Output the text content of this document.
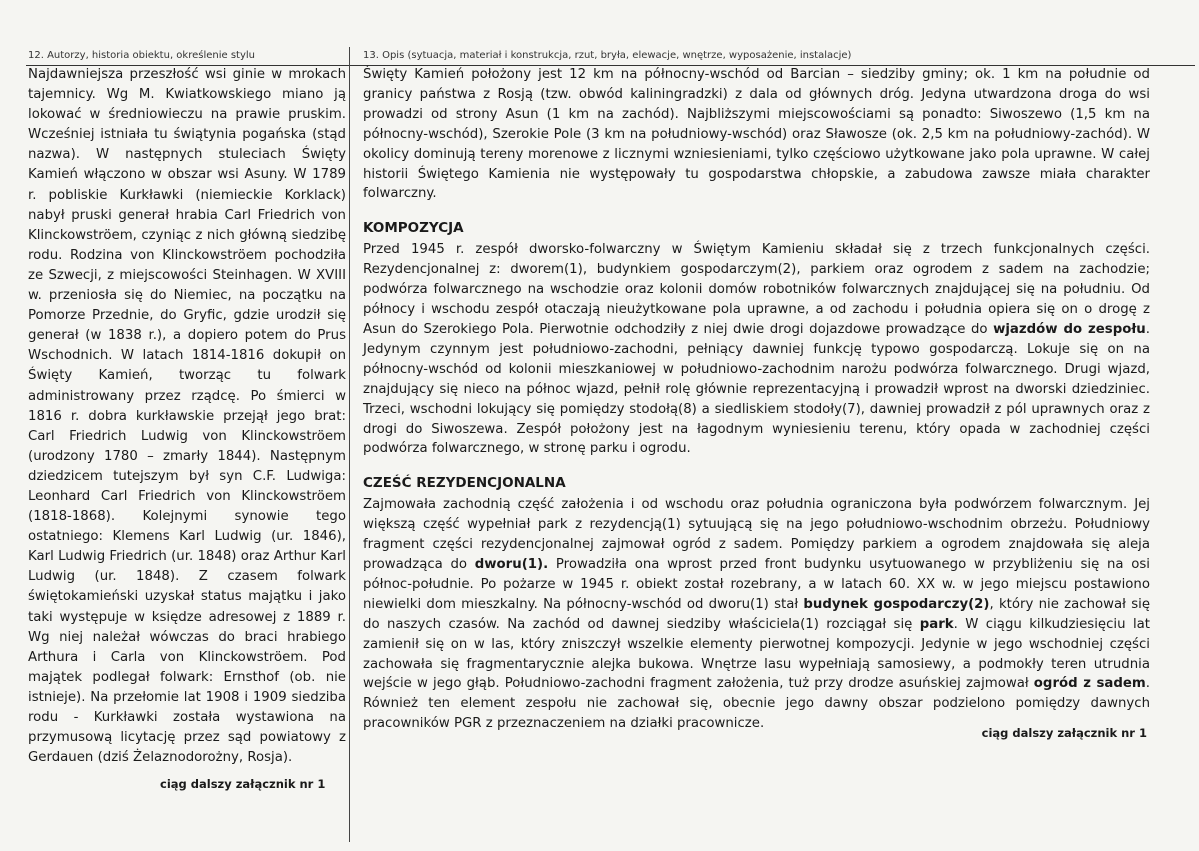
12. Autorzy, historia obiektu, określenie stylu

Najdawniejsza przeszłość wsi ginie w mrokach tajemnicy. Wg M. Kwiatkowskiego miano ją lokować w średniowieczu na prawie pruskim. Wcześniej istniała tu świątynia pogańska (stąd nazwa). W następnych stuleciach Święty Kamień włączono w obszar wsi Asuny. W 1789 r. pobliskie Kurkławki (niemieckie Korklack) nabył pruski generał hrabia Carl Friedrich von Klinckowströem, czyniąc z nich główną siedzibę rodu. Rodzina von Klinckowströem pochodziła ze Szwecji, z miejscowości Steinhagen. W XVIII w. przeniosła się do Niemiec, na początku na Pomorze Przednie, do Gryfic, gdzie urodził się generał (w 1838 r.), a dopiero potem do Prus Wschodnich. W latach 1814-1816 dokupił on Święty Kamień, tworząc tu folwark administrowany przez rządcę. Po śmierci w 1816 r. dobra kurkławskie przejął jego brat: Carl Friedrich Ludwig von Klinckowströem (urodzony 1780 – zmarły 1844). Następnym dziedzicem tutejszym był syn C.F. Ludwiga: Leonhard Carl Friedrich von Klinckowströem (1818-1868). Kolejnymi synowie tego ostatniego: Klemens Karl Ludwig (ur. 1846), Karl Ludwig Friedrich (ur. 1848) oraz Arthur Karl Ludwig (ur. 1848). Z czasem folwark świętokamieński uzyskał status majątku i jako taki występuje w księdze adresowej z 1889 r. Wg niej należał wówczas do braci hrabiego Arthura i Carla von Klinckowströem. Pod majątek podlegał folwark: Ernsthof (ob. nie istnieje). Na przełomie lat 1908 i 1909 siedziba rodu - Kurkławki została wystawiona na przymusową licytację przez sąd powiatowy z Gerdauen (dziś Żelaznodorożny, Rosja).

ciąg dalszy załącznik nr 1
13. Opis (sytuacja, materiał i konstrukcja, rzut, bryła, elewacje, wnętrze, wyposażenie, instalacje)

Święty Kamień położony jest 12 km na północny-wschód od Barcian – siedziby gminy; ok. 1 km na południe od granicy państwa z Rosją (tzw. obwód kaliningradzki) z dala od głównych dróg. Jedyna utwardzona droga do wsi prowadzi od strony Asun (1 km na zachód). Najbliższymi miejscowościami są ponadto: Siwoszewo (1,5 km na północny-wschód), Szerokie Pole (3 km na południowy-wschód) oraz Sławosze (ok. 2,5 km na południowy-zachód). W okolicy dominują tereny morenowe z licznymi wzniesieniami, tylko częściowo użytkowane jako pola uprawne. W całej historii Świętego Kamienia nie występowały tu gospodarstwa chłopskie, a zabudowa zawsze miała charakter folwarczny.

KOMPOZYCJA

Przed 1945 r. zespół dworsko-folwarczny w Świętym Kamieniu składał się z trzech funkcjonalnych części. Rezydencjonalnej z: dworem(1), budynkiem gospodarczym(2), parkiem oraz ogrodem z sadem na zachodzie; podwórza folwarcznego na wschodzie oraz kolonii domów robotników folwarcznych znajdującej się na południu. Od północy i wschodu zespół otaczają nieużytkowane pola uprawne, a od zachodu i południa opiera się on o drogę z Asun do Szerokiego Pola. Pierwotnie odchodziły z niej dwie drogi dojazdowe prowadzące do wjazdów do zespołu. Jedynym czynnym jest południowo-zachodni, pełniący dawniej funkcję typowo gospodarczą. Lokuje się on na północny-wschód od kolonii mieszkaniowej w południowo-zachodnim narożu podwórza folwarcznego. Drugi wjazd, znajdujący się nieco na północ wjazd, pełnił rolę głównie reprezentacyjną i prowadził wprost na dworski dziedziniec. Trzeci, wschodni lokujący się pomiędzy stodołą(8) a siedliskiem stodoły(7), dawniej prowadził z pól uprawnych oraz z drogi do Siwoszewa. Zespół położony jest na łagodnym wyniesieniu terenu, który opada w zachodniej części podwórza folwarcznego, w stronę parku i ogrodu.

CZEŚĆ REZYDENCJONALNA

Zajmowała zachodnią część założenia i od wschodu oraz południa ograniczona była podwórzem folwarcznym. Jej większą część wypełniał park z rezydencją(1) sytuującą się na jego południowo-wschodnim obrzeżu. Południowy fragment części rezydencjonalnej zajmował ogród z sadem. Pomiędzy parkiem a ogrodem znajdowała się aleja prowadząca do dworu(1). Prowadziła ona wprost przed front budynku usytuowanego w przybliżeniu się na osi północ-południe. Po pożarze w 1945 r. obiekt został rozebrany, a w latach 60. XX w. w jego miejscu postawiono niewielki dom mieszkalny. Na północny-wschód od dworu(1) stał budynek gospodarczy(2), który nie zachował się do naszych czasów. Na zachód od dawnej siedziby właściciela(1) rozciągał się park. W ciągu kilkudziesięciu lat zamienił się on w las, który zniszczył wszelkie elementy pierwotnej kompozycji. Jedynie w jego wschodniej części zachowała się fragmentarycznie alejka bukowa. Wnętrze lasu wypełniają samosiewy, a podmokły teren utrudnia wejście w jego głąb. Południowo-zachodni fragment założenia, tuż przy drodze asuńskiej zajmował ogród z sadem. Również ten element zespołu nie zachował się, obecnie jego dawny obszar podzielono pomiędzy dawnych pracowników PGR z przeznaczeniem na działki pracownicze.

ciąg dalszy załącznik nr 1
